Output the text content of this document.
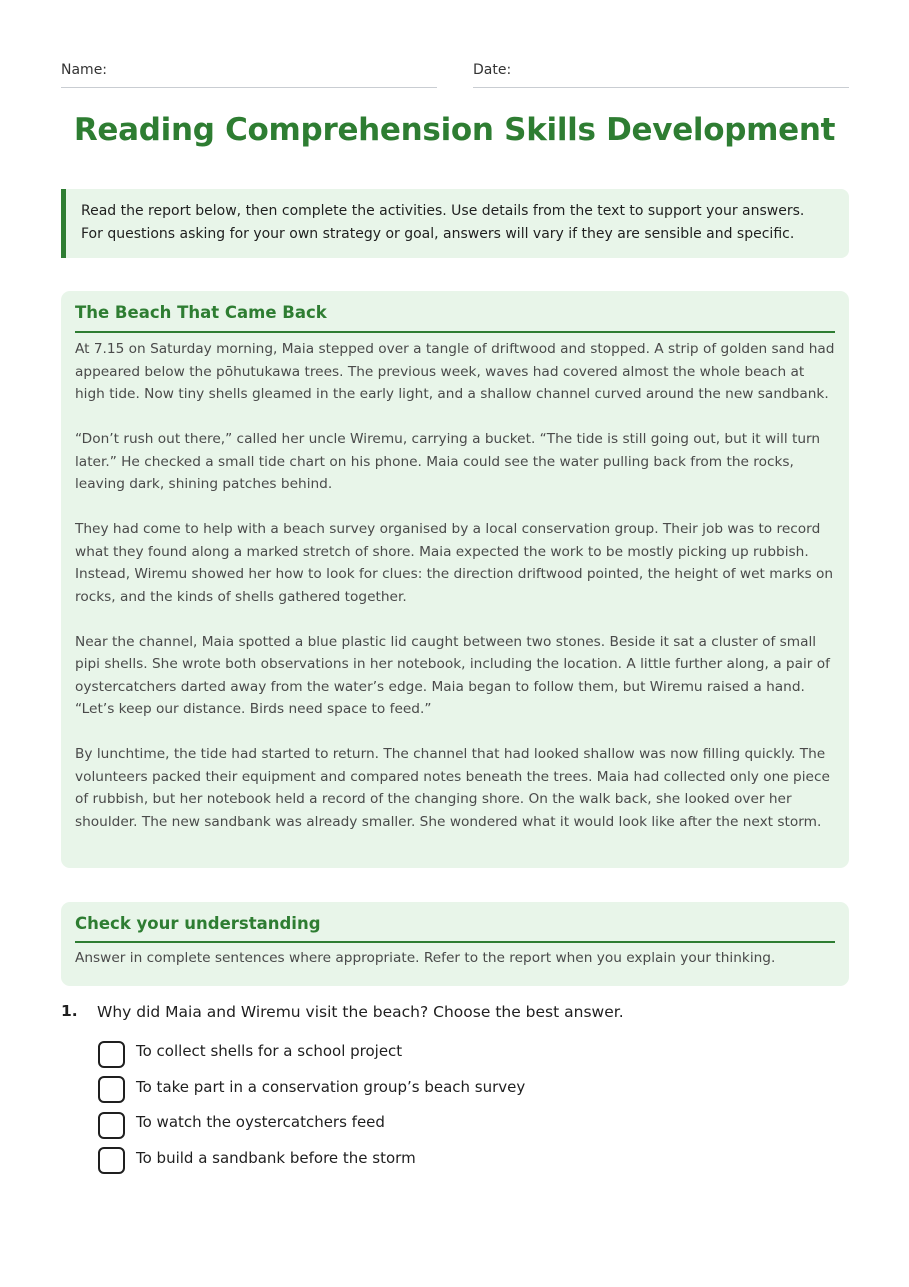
Name:	Date:
Reading Comprehension Skills Development
Read the report below, then complete the activities. Use details from the text to support your answers.
For questions asking for your own strategy or goal, answers will vary if they are sensible and specific.
The Beach That Came Back

At 7.15 on Saturday morning, Maia stepped over a tangle of driftwood and stopped. A strip of golden sand had appeared below the pōhutukawa trees. The previous week, waves had covered almost the whole beach at high tide. Now tiny shells gleamed in the early light, and a shallow channel curved around the new sandbank.

“Don’t rush out there,” called her uncle Wiremu, carrying a bucket. “The tide is still going out, but it will turn later.” He checked a small tide chart on his phone. Maia could see the water pulling back from the rocks, leaving dark, shining patches behind.

They had come to help with a beach survey organised by a local conservation group. Their job was to record what they found along a marked stretch of shore. Maia expected the work to be mostly picking up rubbish. Instead, Wiremu showed her how to look for clues: the direction driftwood pointed, the height of wet marks on rocks, and the kinds of shells gathered together.

Near the channel, Maia spotted a blue plastic lid caught between two stones. Beside it sat a cluster of small pipi shells. She wrote both observations in her notebook, including the location. A little further along, a pair of oystercatchers darted away from the water’s edge. Maia began to follow them, but Wiremu raised a hand. “Let’s keep our distance. Birds need space to feed.”

By lunchtime, the tide had started to return. The channel that had looked shallow was now filling quickly. The volunteers packed their equipment and compared notes beneath the trees. Maia had collected only one piece of rubbish, but her notebook held a record of the changing shore. On the walk back, she looked over her shoulder. The new sandbank was already smaller. She wondered what it would look like after the next storm.

Check your understanding
Answer in complete sentences where appropriate. Refer to the report when you explain your thinking.
1. Why did Maia and Wiremu visit the beach? Choose the best answer.
To collect shells for a school project
To take part in a conservation group’s beach survey
To watch the oystercatchers feed
To build a sandbank before the storm
